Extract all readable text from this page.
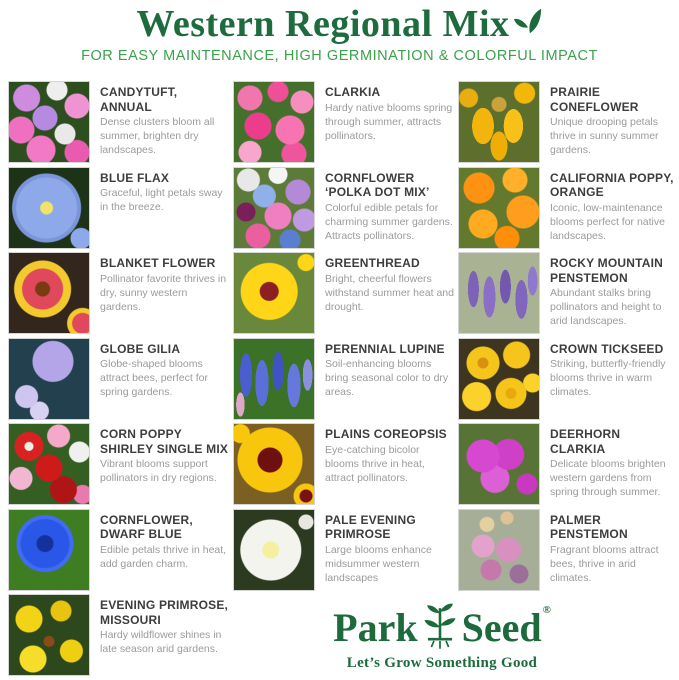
Western Regional Mix
FOR EASY MAINTENANCE, HIGH GERMINATION & COLORFUL IMPACT
CANDYTUFT, ANNUAL
Dense clusters bloom all summer, brighten dry landscapes.
CLARKIA
Hardy native blooms spring through summer, attracts pollinators.
PRAIRIE CONEFLOWER
Unique drooping petals thrive in sunny summer gardens.
BLUE FLAX
Graceful, light petals sway in the breeze.
CORNFLOWER ‘POLKA DOT MIX’
Colorful edible petals for charming summer gardens. Attracts pollinators.
CALIFORNIA POPPY, ORANGE
Iconic, low-maintenance blooms perfect for native landscapes.
BLANKET FLOWER
Pollinator favorite thrives in dry, sunny western gardens.
GREENTHREAD
Bright, cheerful flowers withstand summer heat and drought.
ROCKY MOUNTAIN PENSTEMON
Abundant stalks bring pollinators and height to arid landscapes.
GLOBE GILIA
Globe-shaped blooms attract bees, perfect for spring gardens.
PERENNIAL LUPINE
Soil-enhancing blooms bring seasonal color to dry areas.
CROWN TICKSEED
Striking, butterfly-friendly blooms thrive in warm climates.
CORN POPPY SHIRLEY SINGLE MIX
Vibrant blooms support pollinators in dry regions.
PLAINS COREOPSIS
Eye-catching bicolor blooms thrive in heat, attract pollinators.
DEERHORN CLARKIA
Delicate blooms brighten western gardens from spring through summer.
CORNFLOWER, DWARF BLUE
Edible petals thrive in heat, add garden charm.
PALE EVENING PRIMROSE
Large blooms enhance midsummer western landscapes
PALMER PENSTEMON
Fragrant blooms attract bees, thrive in arid climates.
EVENING PRIMROSE, MISSOURI
Hardy wildflower shines in late season arid gardens.	Park Seed ®
Let’s Grow Something Good
